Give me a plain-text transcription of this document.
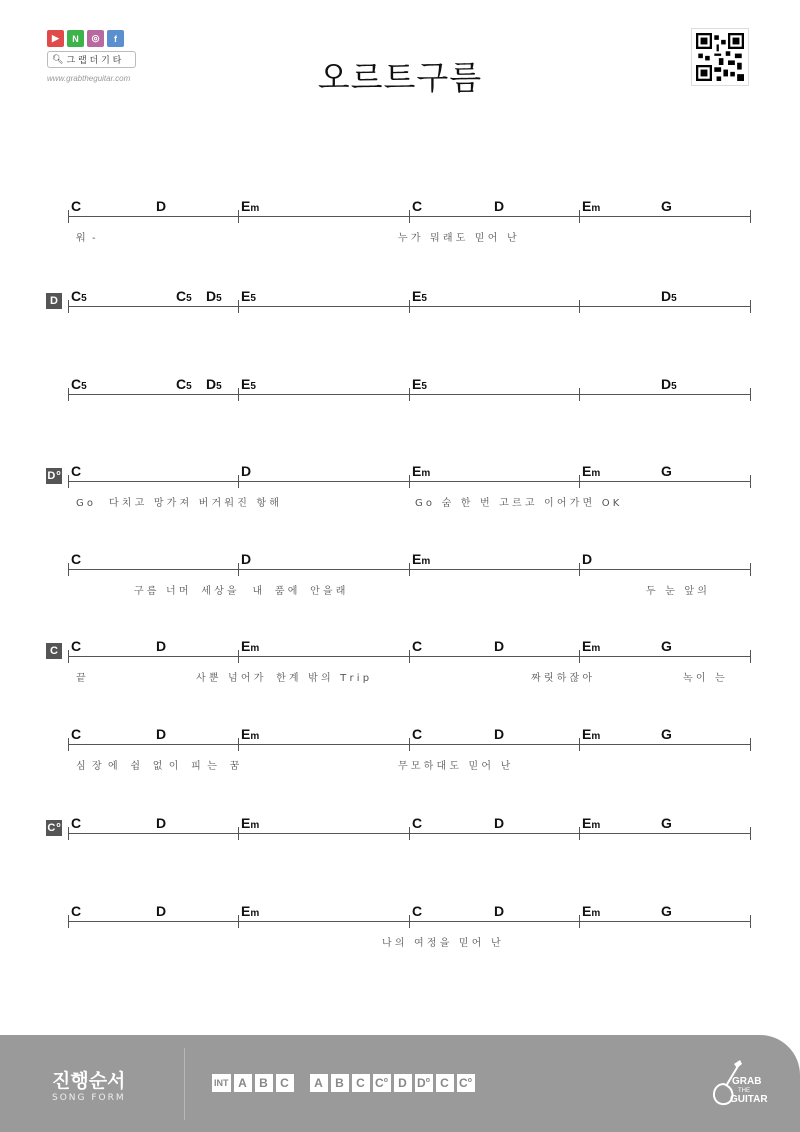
▶	N	◎	f
🔍︎ 그 랩 더 기 타
www.grabtheguitar.com	오르트구름
C	D	Em	C	D	Em	G
워  -	누 가   뭐 래 도   믿 어   난
C5	C5 D5 E5	E5	D5
D
C5	C5 D5 E5	E5	D5
C	D	Em	Em	G
G o     다 치 고   망 가 져   버 거 워 진   항 해	G o   숨   한   번   고 르 고   이 어 가 면   O K
D o
C	D	Em	D
구 름   너 머    세 상 을     내    품 에    안 을 래	두   눈   앞 의
C	D	Em	C	D	Em	G
끝	사 뿐   넘 어 가    한 계   밖 의   T r i p	짜 릿 하 잖 아	녹 이   는
C
C	D	Em	C	D	Em	G
심  장  에    쉼    없  이    피  는    꿈	무 모 하 대 도   믿 어   난
C	D	Em	C	D	Em	G
C o
C	D	Em	C	D	Em	G
나 의   여 정 을   믿 어   난
진행순서
SONG FORM
INT A	B	C	A	B	C C o D D o C C o	GRAB
THE
GUITAR
